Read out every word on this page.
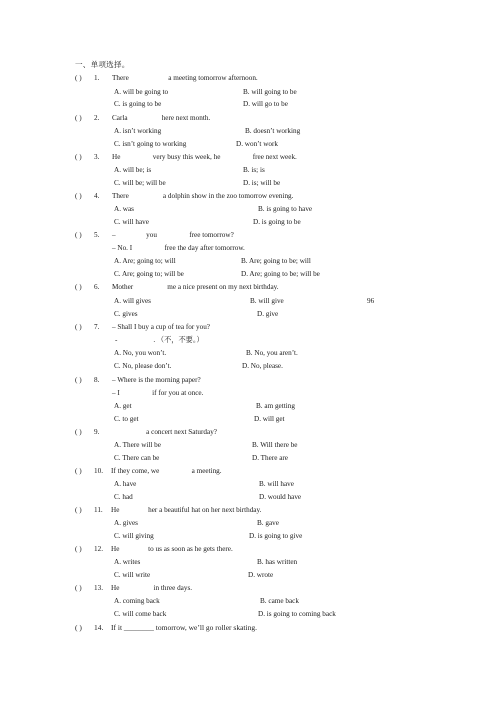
一、单项选择。
( ) 1. There                      a meeting tomorrow afternoon.
A. will be going to	B. will going to be
C. is going to be	D. will go to be
( ) 2. Carla                   here next month.
A. isn’t working	B. doesn’t working
C. isn’t going to working	D. won’t work
( ) 3. He                  very busy this week, he                  free next week.
A. will be; is	B. is; is
C. will be; will be	D. is; will be
( ) 4. There                   a dolphin show in the zoo tomorrow evening.
A. was	B. is going to have
C. will have	D. is going to be
( ) 5. –                 you                  free tomorrow?
– No. I                  free the day after tomorrow.
A. Are; going to; will	B. Are; going to be; will
C. Are; going to; will be	D. Are; going to be; will be
( ) 6. Mother                   me a nice present on my next birthday.
A. will gives	B. will give	96
C. gives	D. give
( ) 7. – Shall I buy a cup of tea for you?
-                    . （不，不要。）
A. No, you won’t.	B. No, you aren’t.
C. No, please don’t.	D. No, please.
( ) 8. – Where is the morning paper?
– I                  if for you at once.
A. get	B. am getting
C. to get	D. will get
( ) 9. a concert next Saturday?
A. There will be	B. Will there be
C. There can be	D. There are
( ) 10. If they come, we                  a meeting.
A. have	B. will have
C. had	D. would have
( ) 11. He                her a beautiful hat on her next birthday.
A. gives	B. gave
C. will giving	D. is going to give
( ) 12. He                to us as soon as he gets there.
A. writes	B. has written
C. will write	D. wrote
( ) 13. He                   in three days.
A. coming back	B. came back
C. will come back	D. is going to coming back
( ) 14. If it ________ tomorrow, we’ll go roller skating.
